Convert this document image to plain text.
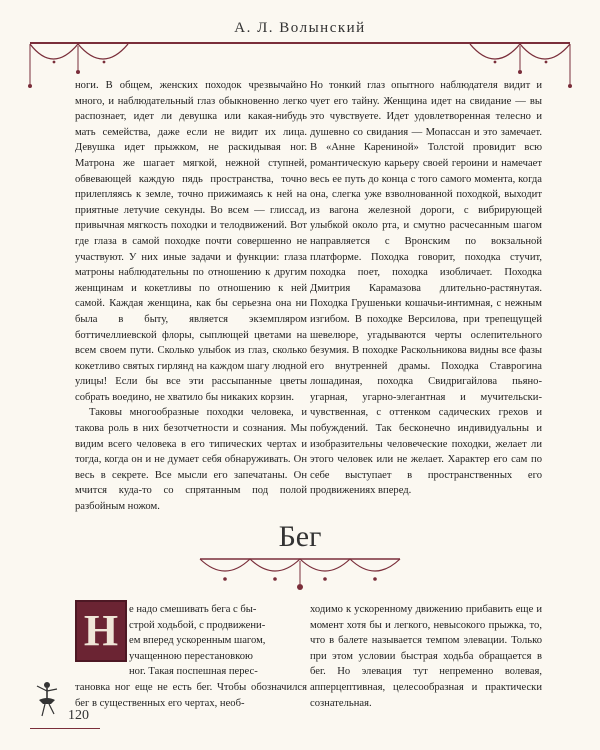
А. Л. Волынский

ноги. В общем, женских походок чрезвычайно много, и наблюдательный глаз обыкновенно легко распознает, идет ли девушка или какая-нибудь мать семейства, даже если не видит их лица. Девушка идет прыжком, не раскидывая ног. Матрона же шагает мягкой, нежной ступней, обвевающей каждую пядь пространства, точно прилепляясь к земле, точно прижимаясь к ней на приятные летучие секунды. Во всем — глиссад, привычная мягкость походки и телодвижений. Вот где глаза в самой походке почти совершенно не участвуют. У них иные задачи и функции: глаза матроны наблюдательны по отношению к другим женщинам и кокетливы по отношению к ней самой. Каждая женщина, как бы серьезна она ни была в быту, является экземпляром боттичеллиевской флоры, сыплющей цветами на всем своем пути. Сколько улыбок из глаз, сколько кокетливо святых гирлянд на каждом шагу людной улицы! Если бы все эти рассыпанные цветы собрать воедино, не хватило бы никаких корзин.

Таковы многообразные походки человека, и такова роль в них безотчетности и сознания. Мы видим всего человека в его типических чертах и тогда, когда он и не думает себя обнаруживать. Он весь в секрете. Все мысли его запечатаны. Он мчится куда-то со спрятанным под полой разбойным ножом.

Но тонкий глаз опытного наблюдателя видит и чует его тайну. Женщина идет на свидание — вы это чувствуете. Идет удовлетворенная телесно и душевно со свидания — Мопассан и это замечает. В «Анне Карениной» Толстой провидит всю романтическую карьеру своей героини и намечает весь ее путь до конца с того самого момента, когда она, слегка уже взволнованной походкой, выходит из вагона железной дороги, с вибрирующей улыбкой около рта, и смутно расчесанным шагом направляется с Вронским по вокзальной платформе. Походка говорит, походка стучит, походка поет, походка изобличает. Походка Дмитрия Карамазова длительно-растянутая. Походка Грушеньки кошачьи-интимная, с нежным изгибом. В походке Версилова, при трепещущей шевелюре, угадываются черты ослепительного безумия. В походке Раскольникова видны все фазы его внутренней драмы. Походка Ставрогина лошадиная, походка Свидригайлова пьяно-угарная, угарно-элегантная и мучительски-чувственная, с оттенком садических грехов и побуждений. Так бесконечно индивидуальны и изобразительны человеческие походки, желает ли этого человек или не желает. Характер его сам по себе выступает в пространственных его продвижениях вперед.

Бег
Н е надо смешивать бега с бы-
строй ходьбой, с продвижени-
ем вперед ускоренным шагом,
учащенною перестановкою
ног. Такая поспешная перес-
тановка ног еще не есть бег. Чтобы обозначился бег в существенных его чертах, необ-
ходимо к ускоренному движению прибавить еще и момент хотя бы и легкого, невысокого прыжка, то, что в балете называется темпом элевации. Только при этом условии быстрая ходьба обращается в бег. Но элевация тут непременно волевая, апперцептивная, целесообразная и практически сознательная.
120
